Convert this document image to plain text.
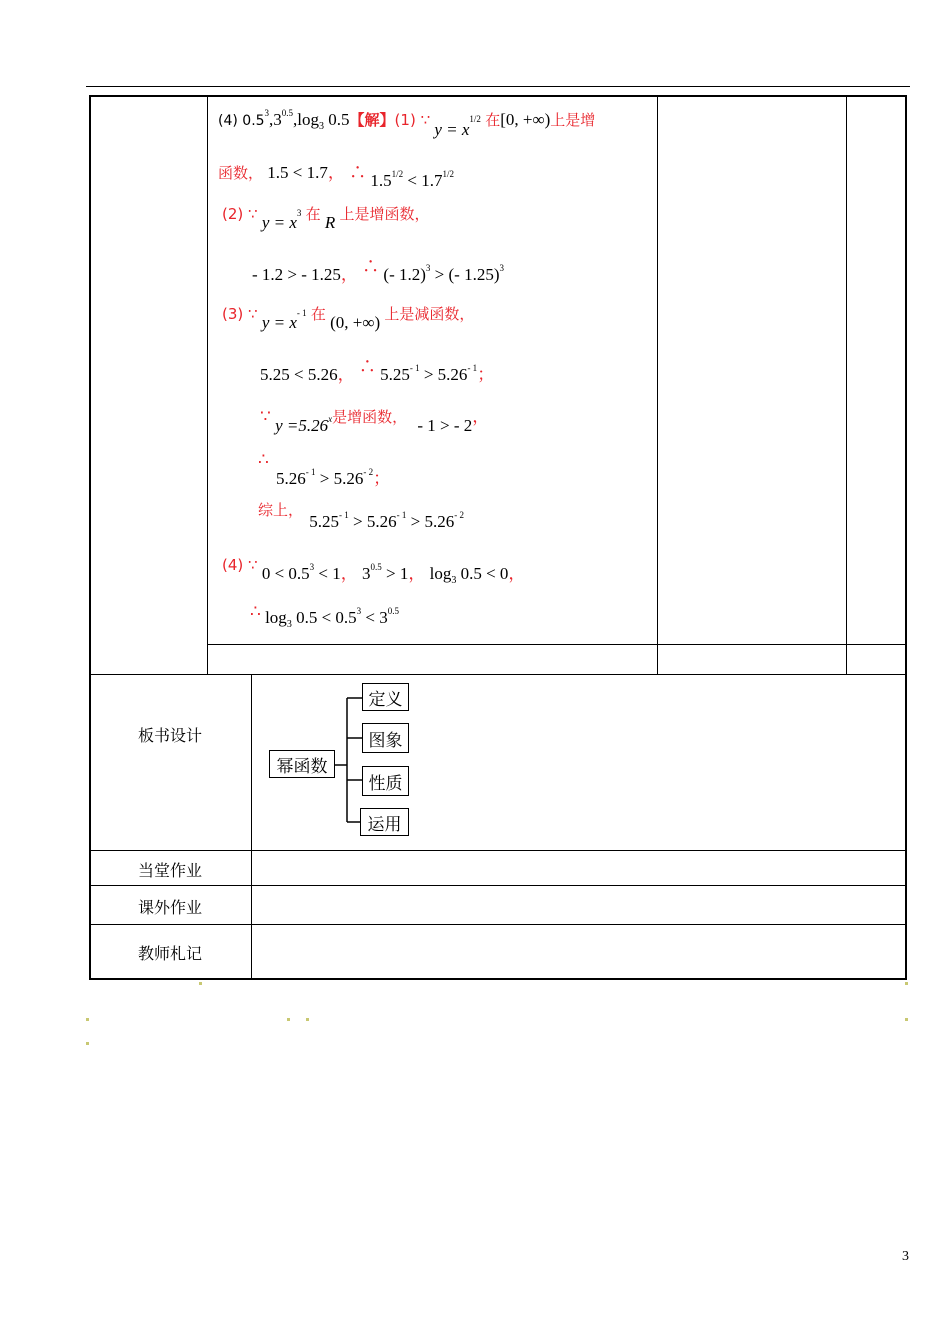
(4) $0.5^3,3^{0.5},\log_3$ 0.5【解】(1) ∵ $y = x^{1/2}$ 在[0, +∞)上是增
函数， 1.5 < 1.7， ∴ $1.5^{1/2} < 1.7^{1/2}$
(2) ∵ $y = x^3$ 在 R 上是增函数，
- 1.2 > - 1.25， ∴ (- 1.2)$^3$ > (- 1.25)$^3$
(3) ∵ $y = x^{- 1}$ 在 (0, +∞) 上是减函数，
5.25 < 5.26， ∴ $5.25^{- 1} > 5.26^{- 1}$；
∵ $y =5.26^x$是增函数， - 1 > - 2，
∴
$5.26^{- 1} > 5.26^{- 2}$；
综上， $5.25^{- 1} > 5.26^{- 1} > 5.26^{- 2}$
(4) ∵ $0 < 0.5^3 < 1$， $3^{0.5} > 1$， $\log_3 0.5 < 0$，
∴ $\log_3 0.5 < 0.5^3 < 3^{0.5}$
板书设计
当堂作业
课外作业
教师札记
幂函数
定义
图象
性质
运用
3
